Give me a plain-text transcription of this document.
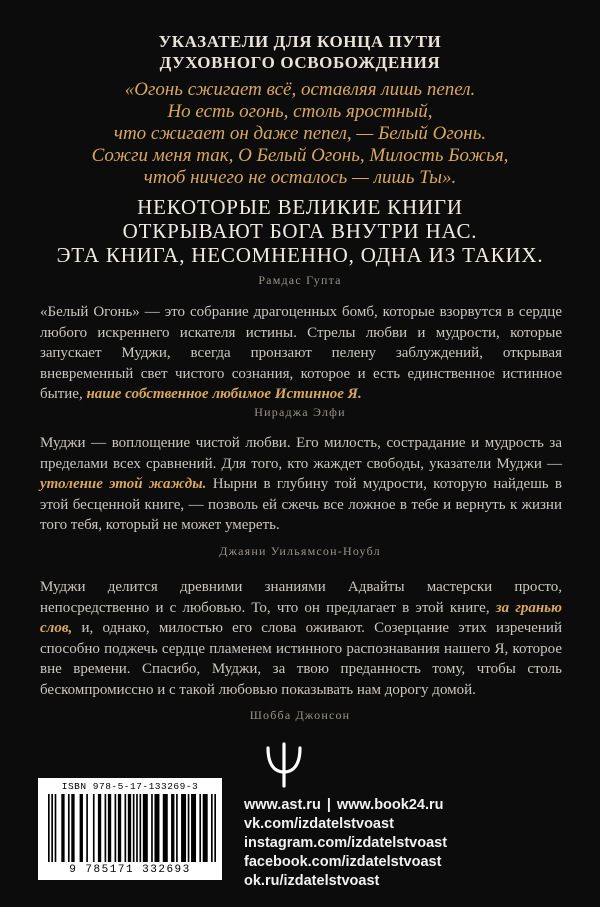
УКАЗАТЕЛИ ДЛЯ КОНЦА ПУТИ
ДУХОВНОГО ОСВОБОЖДЕНИЯ
«Огонь сжигает всё, оставляя лишь пепел.
Но есть огонь, столь яростный,
что сжигает он даже пепел, — Белый Огонь.
Сожги меня так, О Белый Огонь, Милость Божья,
чтоб ничего не осталось — лишь Ты».
НЕКОТОРЫЕ ВЕЛИКИЕ КНИГИ
ОТКРЫВАЮТ БОГА ВНУТРИ НАС.
ЭТА КНИГА, НЕСОМНЕННО, ОДНА ИЗ ТАКИХ.
Рамдас Гупта
«Белый Огонь» — это собрание драгоценных бомб, которые взорвутся в сердце любого искреннего искателя истины. Стрелы любви и мудрости, которые запускает Муджи, всегда пронзают пелену заблуждений, открывая вневременный свет чистого сознания, которое и есть единственное истинное бытие, наше собственное любимое Истинное Я.
Нираджа Элфи
Муджи — воплощение чистой любви. Его милость, сострадание и мудрость за пределами всех сравнений. Для того, кто жаждет свободы, указатели Муджи — утоление этой жажды. Нырни в глубину той мудрости, которую найдешь в этой бесценной книге, — позволь ей сжечь все ложное в тебе и вернуть к жизни того тебя, который не может умереть.
Джаяни Уильямсон-Ноубл
Муджи делится древними знаниями Адвайты мастерски просто, непосредственно и с любовью. То, что он предлагает в этой книге, за гранью слов, и, однако, милостью его слова оживают. Созерцание этих изречений способно поджечь сердце пламенем истинного распознавания нашего Я, которое вне времени. Спасибо, Муджи, за твою преданность тому, чтобы столь бескомпромиссно и с такой любовью показывать нам дорогу домой.
Шобба Джонсон
ISBN 978-5-17-133269-3
9 785171 332693
www.ast.ru | www.book24.ru
vk.com/izdatelstvoast
instagram.com/izdatelstvoast
facebook.com/izdatelstvoast
ok.ru/izdatelstvoast
